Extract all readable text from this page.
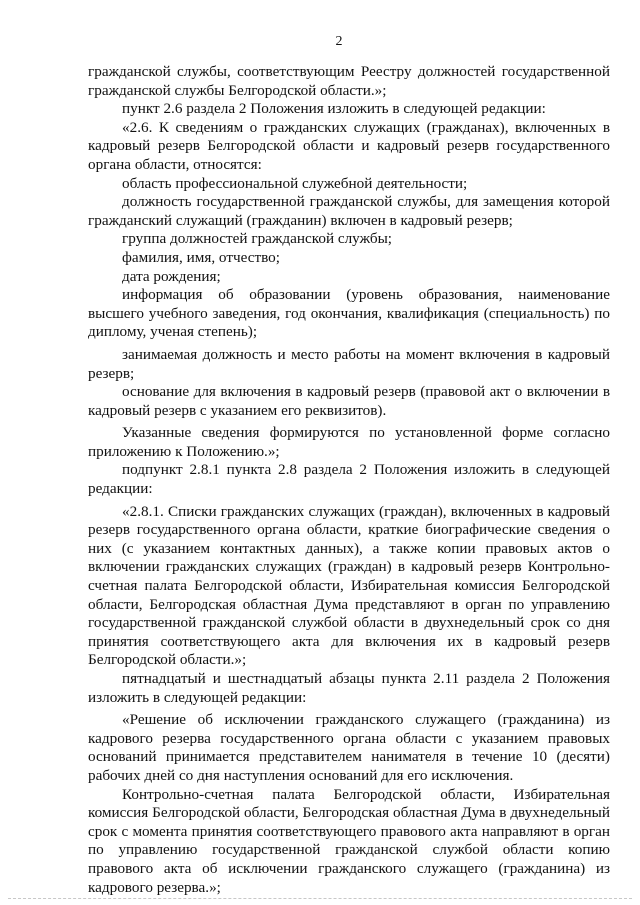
2

гражданской службы, соответствующим Реестру должностей государственной гражданской службы Белгородской области.»;

пункт 2.6 раздела 2 Положения изложить в следующей редакции:

«2.6. К сведениям о гражданских служащих (гражданах), включенных в кадровый резерв Белгородской области и кадровый резерв государственного органа области, относятся:

область профессиональной служебной деятельности;

должность государственной гражданской службы, для замещения которой гражданский служащий (гражданин) включен в кадровый резерв;

группа должностей гражданской службы;

фамилия, имя, отчество;

дата рождения;

информация об образовании (уровень образования, наименование высшего учебного заведения, год окончания, квалификация (специальность) по диплому, ученая степень);

занимаемая должность и место работы на момент включения в кадровый резерв;

основание для включения в кадровый резерв (правовой акт о включении в кадровый резерв с указанием его реквизитов).

Указанные сведения формируются по установленной форме согласно приложению к Положению.»;

подпункт 2.8.1 пункта 2.8 раздела 2 Положения изложить в следующей редакции:

«2.8.1. Списки гражданских служащих (граждан), включенных в кадровый резерв государственного органа области, краткие биографические сведения о них (с указанием контактных данных), а также копии правовых актов о включении гражданских служащих (граждан) в кадровый резерв Контрольно-счетная палата Белгородской области, Избирательная комиссия Белгородской области, Белгородская областная Дума представляют в орган по управлению государственной гражданской службой области в двухнедельный срок со дня принятия соответствующего акта для включения их в кадровый резерв Белгородской области.»;

пятнадцатый и шестнадцатый абзацы пункта 2.11 раздела 2 Положения изложить в следующей редакции:

«Решение об исключении гражданского служащего (гражданина) из кадрового резерва государственного органа области с указанием правовых оснований принимается представителем нанимателя в течение 10 (десяти) рабочих дней со дня наступления оснований для его исключения.

Контрольно-счетная палата Белгородской области, Избирательная комиссия Белгородской области, Белгородская областная Дума в двухнедельный срок с момента принятия соответствующего правового акта направляют в орган по управлению государственной гражданской службой области копию правового акта об исключении гражданского служащего (гражданина) из кадрового резерва.»;
